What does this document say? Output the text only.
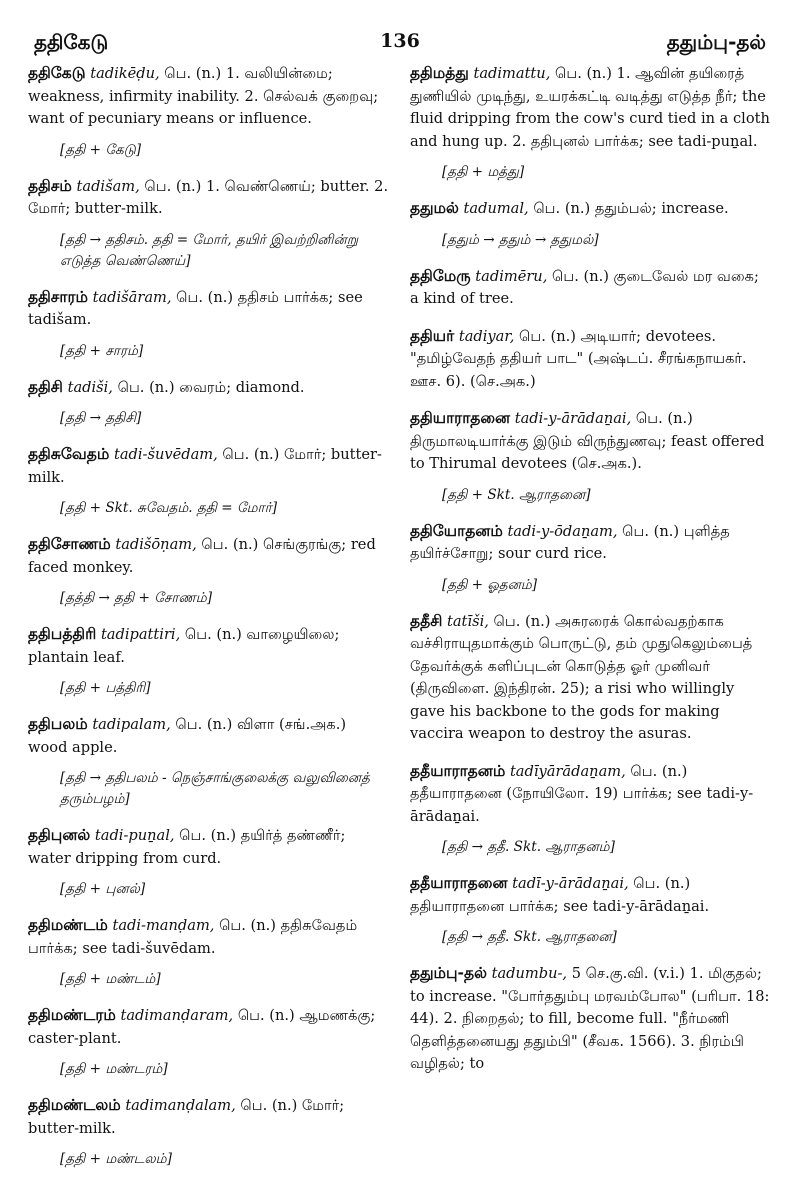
ததிகேடு	136	ததும்பு-தல்
ததிகேடு tadikēḍu, பெ. (n.) 1. வலியின்மை; weakness, infirmity inability. 2. செல்வக் குறைவு; want of pecuniary means or influence.
[ததி + கேடு]
ததிசம் tadišam, பெ. (n.) 1. வெண்ணெய்; butter. 2. மோர்; butter-milk.
[ததி → ததிசம். ததி = மோர், தயிர் இவற்றினின்று எடுத்த வெண்ணெய்]
ததிசாரம் tadišāram, பெ. (n.) ததிசம் பார்க்க; see tadišam.
[ததி + சாரம்]
ததிசி tadiši, பெ. (n.) வைரம்; diamond.
[ததி → ததிசி]
ததிசுவேதம் tadi-šuvēdam, பெ. (n.) மோர்; butter-milk.
[ததி + Skt. சுவேதம். ததி = மோர்]
ததிசோணம் tadišōṇam, பெ. (n.) செங்குரங்கு; red faced monkey.
[தத்தி → ததி + சோணம்]
ததிபத்திரி tadipattiri, பெ. (n.) வாழையிலை; plantain leaf.
[ததி + பத்திரி]
ததிபலம் tadipalam, பெ. (n.) விளா (சங்.அக.) wood apple.
[ததி → ததிபலம் - நெஞ்சாங்குலைக்கு வலுவினைத் தரும்பழம்]
ததிபுனல் tadi-puṉal, பெ. (n.) தயிர்த் தண்ணீர்; water dripping from curd.
[ததி + புனல்]
ததிமண்டம் tadi-manḍam, பெ. (n.) ததிசுவேதம் பார்க்க; see tadi-šuvēdam.
[ததி + மண்டம்]
ததிமண்டரம் tadimanḍaram, பெ. (n.) ஆமணக்கு; caster-plant.
[ததி + மண்டரம்]
ததிமண்டலம் tadimanḍalam, பெ. (n.) மோர்; butter-milk.
[ததி + மண்டலம்]
ததிமத்து tadimattu, பெ. (n.) 1. ஆவின் தயிரைத் துணியில் முடிந்து, உயரக்கட்டி வடித்து எடுத்த நீர்; the fluid dripping from the cow's curd tied in a cloth and hung up. 2. ததிபுனல் பார்க்க; see tadi-puṉal.
[ததி + மத்து]
ததுமல் tadumal, பெ. (n.) ததும்பல்; increase.
[ததும் → ததும் → ததுமல்]
ததிமேரு tadimēru, பெ. (n.) குடைவேல் மர வகை; a kind of tree.
ததியர் tadiyar, பெ. (n.) அடியார்; devotees. "தமிழ்வேதந் ததியர் பாட" (அஷ்டப். சீரங்கநாயகர். ஊச. 6). (செ.அக.)
ததியாராதனை tadi-y-ārādaṉai, பெ. (n.) திருமாலடியார்க்கு இடும் விருந்துணவு; feast offered to Thirumal devotees (செ.அக.).
[ததி + Skt. ஆராதனை]
ததியோதனம் tadi-y-ōdaṉam, பெ. (n.) புளித்த தயிர்ச்சோறு; sour curd rice.
[ததி + ஓதனம்]
ததீசி tatīši, பெ. (n.) அசுரரைக் கொல்வதற்காக வச்சிராயுதமாக்கும் பொருட்டு, தம் முதுகெலும்பைத் தேவர்க்குக் களிப்புடன் கொடுத்த ஓர் முனிவர் (திருவிளை. இந்திரன். 25); a risi who willingly gave his backbone to the gods for making vaccira weapon to destroy the asuras.
ததீயாராதனம் tadīyārādaṉam, பெ. (n.) ததீயாராதனை (நோயிலோ. 19) பார்க்க; see tadi-y-ārādaṉai.
[ததி → ததீ. Skt. ஆராதனம்]
ததீயாராதனை tadī-y-ārādaṉai, பெ. (n.) ததியாராதனை பார்க்க; see tadi-y-ārādaṉai.
[ததி → ததீ. Skt. ஆராதனை]
ததும்பு-தல் tadumbu-, 5 செ.கு.வி. (v.i.) 1. மிகுதல்; to increase. "போர்ததும்பு மரவம்போல" (பரிபா. 18: 44). 2. நிறைதல்; to fill, become full. "நீர்மணி தெளித்தனையது ததும்பி" (சீவக. 1566). 3. நிரம்பி வழிதல்; to
